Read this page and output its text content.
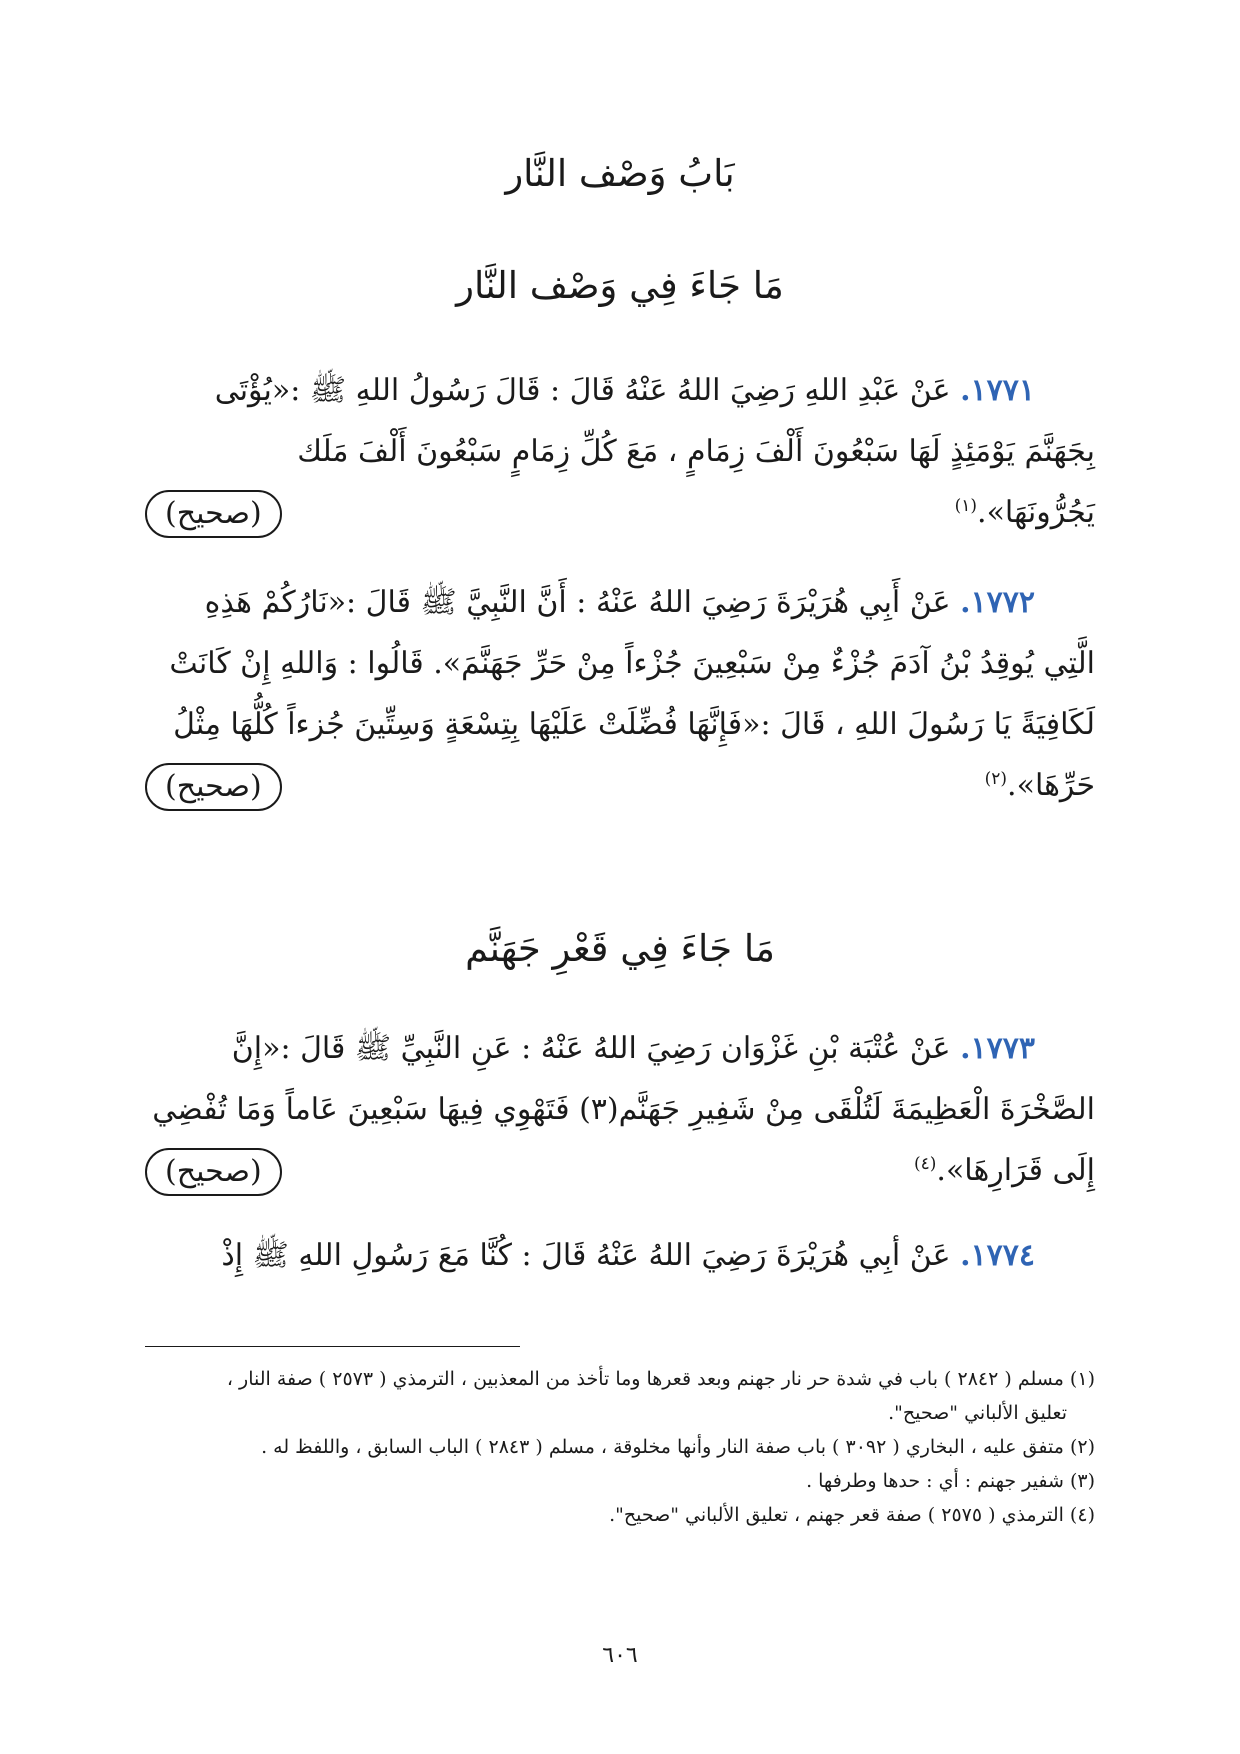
بَابُ وَصْف النَّار
مَا جَاءَ فِي وَصْف النَّار
  ١٧٧١. عَنْ عَبْدِ اللهِ رَضِيَ اللهُ عَنْهُ قَالَ : قَالَ رَسُولُ اللهِ ﷺ :«يُؤْتَى
بِجَهَنَّمَ يَوْمَئِذٍ لَهَا سَبْعُونَ أَلْفَ زِمَامٍ ، مَعَ كُلِّ زِمَامٍ سَبْعُونَ أَلْفَ مَلَك
يَجُرُّونَهَا».$^{(١)}$
(صحيح)
  ١٧٧٢. عَنْ أَبِي هُرَيْرَةَ رَضِيَ اللهُ عَنْهُ : أَنَّ النَّبِيَّ ﷺ قَالَ :«نَارُكُمْ هَذِهِ
الَّتِي يُوقِدُ بْنُ آدَمَ جُزْءٌ مِنْ سَبْعِينَ جُزْءاً مِنْ حَرِّ جَهَنَّمَ». قَالُوا : وَاللهِ إِنْ كَانَتْ
لَكَافِيَةً يَا رَسُولَ اللهِ ، قَالَ :«فَإِنَّهَا فُضِّلَتْ عَلَيْهَا بِتِسْعَةٍ وَسِتِّينَ جُزءاً كُلُّهَا مِثْلُ
حَرِّهَا».$^{(٢)}$
(صحيح)
مَا جَاءَ فِي قَعْرِ جَهَنَّم
  ١٧٧٣. عَنْ عُتْبَة بْنِ غَزْوَان رَضِيَ اللهُ عَنْهُ : عَنِ النَّبِيِّ ﷺ قَالَ :«إِنَّ
الصَّخْرَةَ الْعَظِيمَةَ لَتُلْقَى مِنْ شَفِيرِ جَهَنَّم(٣) فَتَهْوِي فِيهَا سَبْعِينَ عَاماً وَمَا تُفْضِي
إِلَى قَرَارِهَا».$^{(٤)}$
(صحيح)
  ١٧٧٤. عَنْ أبِي هُرَيْرَةَ رَضِيَ اللهُ عَنْهُ قَالَ : كُنَّا مَعَ رَسُولِ اللهِ ﷺ إِذْ

(١) مسلم ( ٢٨٤٢ ) باب في شدة حر نار جهنم وبعد قعرها وما تأخذ من المعذبين ، الترمذي ( ٢٥٧٣ ) صفة النار ،

تعليق الألباني "صحيح".

(٢) متفق عليه ، البخاري ( ٣٠٩٢ ) باب صفة النار وأنها مخلوقة ، مسلم ( ٢٨٤٣ ) الباب السابق ، واللفظ له .

(٣) شفير جهنم : أي : حدها وطرفها .

(٤) الترمذي ( ٢٥٧٥ ) صفة قعر جهنم ، تعليق الألباني "صحيح".

٦٠٦
